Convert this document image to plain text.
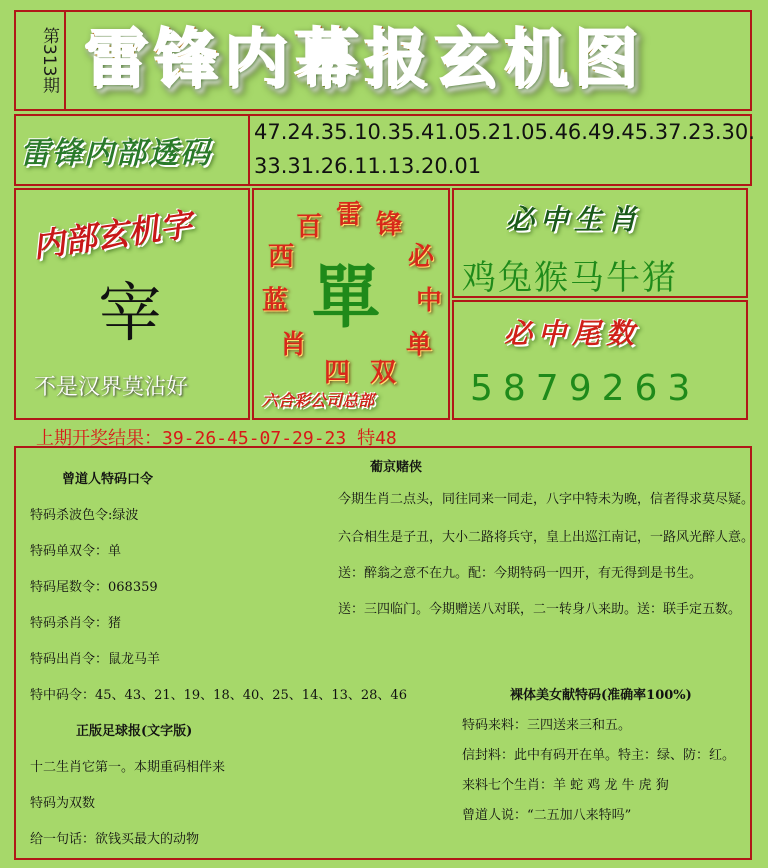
第313期 雷锋内幕报玄机图
雷锋内部透码
47.24.35.10.35.41.05.21.05.46.49.45.37.23.30.
33.31.26.11.13.20.01
内部玄机字
宰
不是汉界莫沾好
雷 锋
必
中
单
双
四
肖
蓝
西
百
單
六合彩公司总部
必中生肖
鸡兔猴马牛猪
必中尾数
5879263
上期开奖结果：39-26-45-07-29-23 特48
曾道人特码口令
特码杀波色令:绿波
特码单双令：单
特码尾数令：068359
特码杀肖令：猪
特码出肖令：鼠龙马羊
特中码令：45、43、21、19、18、40、25、14、13、28、46
正版足球报(文字版)
十二生肖它第一。本期重码相伴来
特码为双数
给一句话：欲钱买最大的动物
葡京赌侠
今期生肖二点头，同往同来一同走，八字中特未为晚，信者得求莫尽疑。
六合相生是子丑，大小二路将兵守，皇上出巡江南记，一路风光醉人意。
送：醉翁之意不在九。配：今期特码一四开，有无得到是书生。
送：三四临门。今期赠送八对联，二一转身八来助。送：联手定五数。
裸体美女献特码(准确率100%)
特码来料：三四送来三和五。
信封料：此中有码开在单。特主：绿、防：红。
来料七个生肖：羊 蛇 鸡 龙 牛 虎 狗
曾道人说：“二五加八来特吗”
